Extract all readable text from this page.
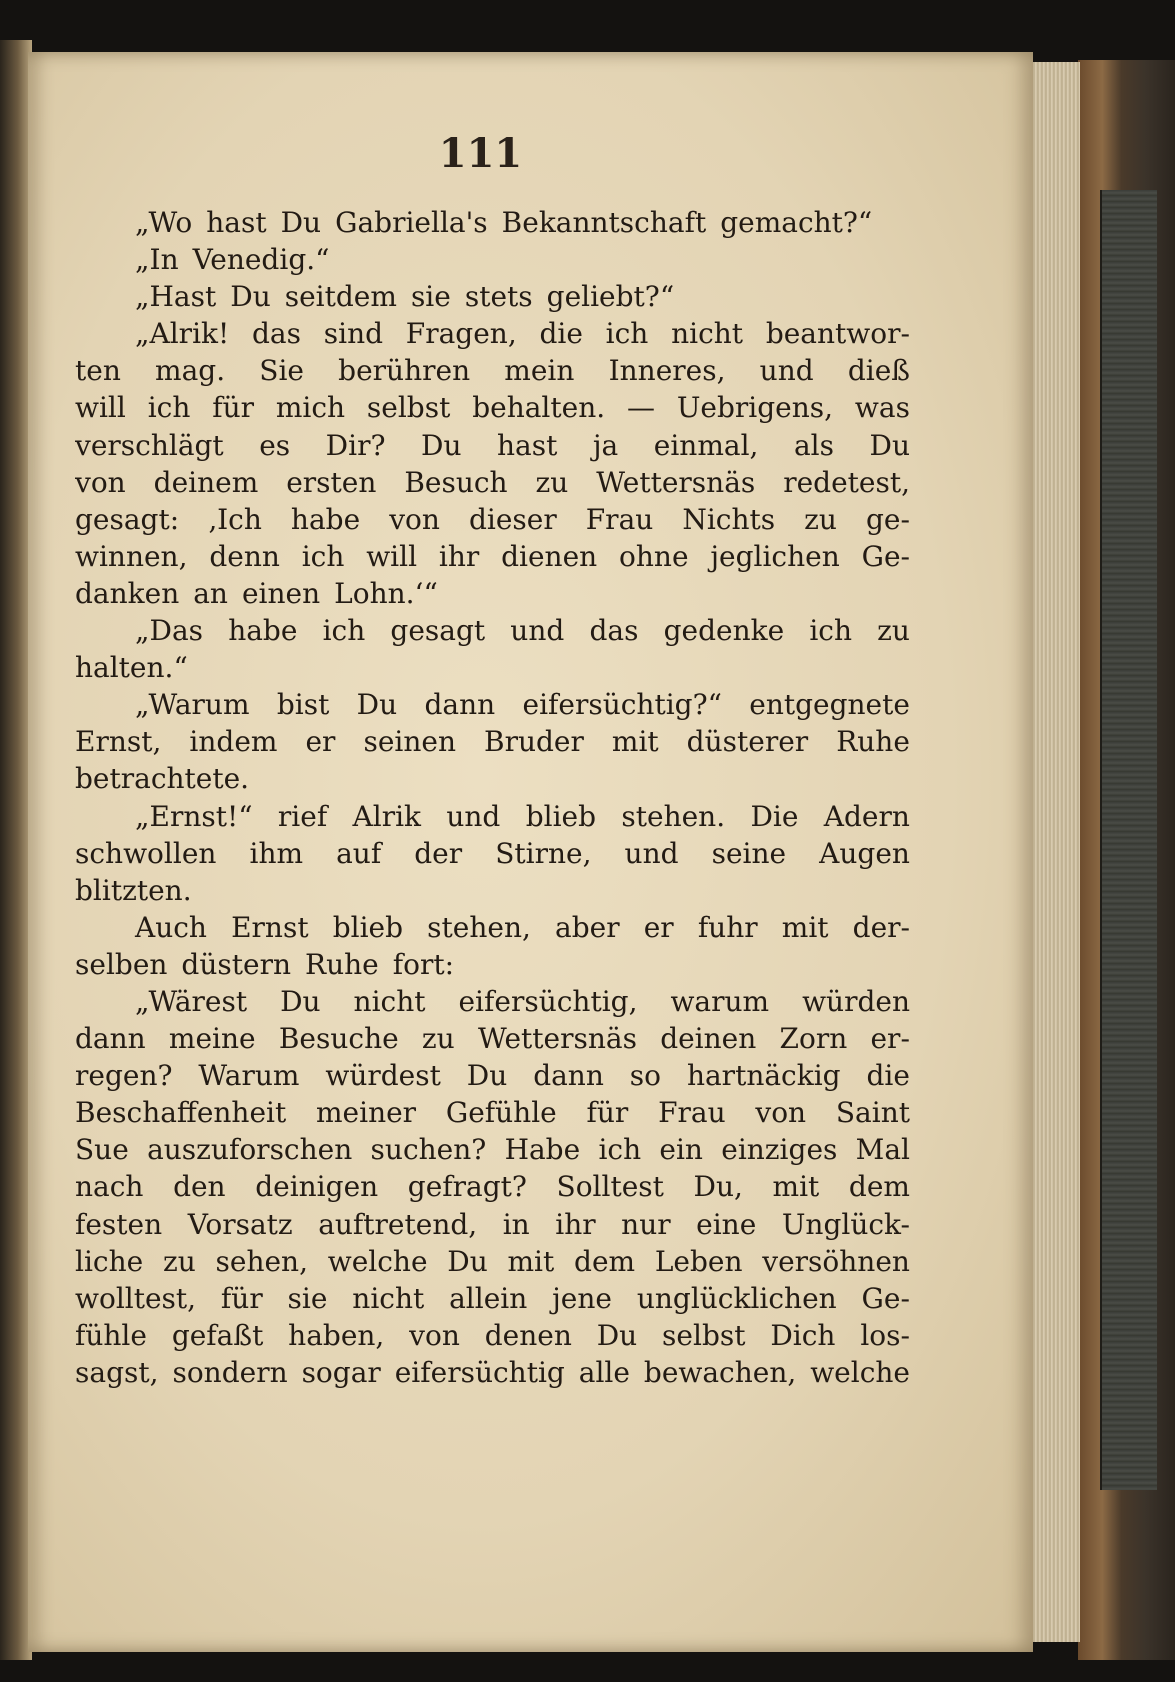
111
„Wo hast Du Gabriella's Bekanntschaft gemacht?“
„In Venedig.“
„Hast Du seitdem sie stets geliebt?“
„Alrik! das sind Fragen, die ich nicht beantwor-
ten mag. Sie berühren mein Inneres, und dieß
will ich für mich selbst behalten. — Uebrigens, was
verschlägt es Dir? Du hast ja einmal, als Du
von deinem ersten Besuch zu Wettersnäs redetest,
gesagt: ‚Ich habe von dieser Frau Nichts zu ge-
winnen, denn ich will ihr dienen ohne jeglichen Ge-
danken an einen Lohn.‘“
„Das habe ich gesagt und das gedenke ich zu
halten.“
„Warum bist Du dann eifersüchtig?“ entgegnete
Ernst, indem er seinen Bruder mit düsterer Ruhe
betrachtete.
„Ernst!“ rief Alrik und blieb stehen. Die Adern
schwollen ihm auf der Stirne, und seine Augen
blitzten.
Auch Ernst blieb stehen, aber er fuhr mit der-
selben düstern Ruhe fort:
„Wärest Du nicht eifersüchtig, warum würden
dann meine Besuche zu Wettersnäs deinen Zorn er-
regen? Warum würdest Du dann so hartnäckig die
Beschaffenheit meiner Gefühle für Frau von Saint
Sue auszuforschen suchen? Habe ich ein einziges Mal
nach den deinigen gefragt? Solltest Du, mit dem
festen Vorsatz auftretend, in ihr nur eine Unglück-
liche zu sehen, welche Du mit dem Leben versöhnen
wolltest, für sie nicht allein jene unglücklichen Ge-
fühle gefaßt haben, von denen Du selbst Dich los-
sagst, sondern sogar eifersüchtig alle bewachen, welche
